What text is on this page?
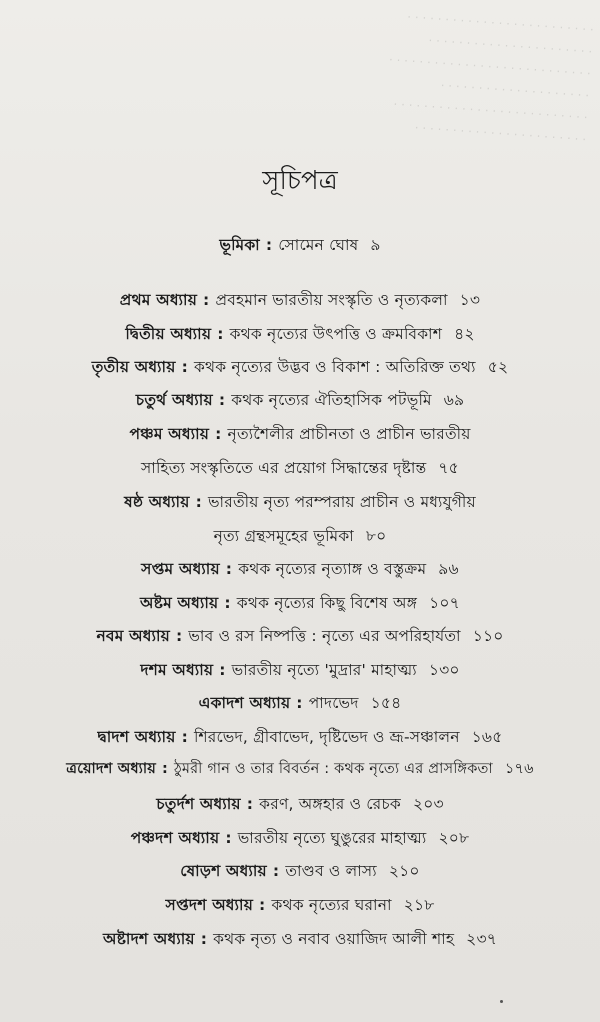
. . . . . . . . . . . . . . . . . . . . . . . . .
. . . . . . . . . . . . . . . . . . . . . .
. . . . . . . . . . . . . . . . . . . . . . . . . . .
. . . . . . . . . . . . . . . . . . . .
. . . . . . . . . . . . . . . . . . . . . . . . . .
. . . . . . . . . . . . . . . . . . . . . . .
সূচিপত্র
ভূমিকা : সোমেন ঘোষ ৯
প্রথম অধ্যায় : প্রবহমান ভারতীয় সংস্কৃতি ও নৃত্যকলা ১৩
দ্বিতীয় অধ্যায় : কথক নৃত্যের উৎপত্তি ও ক্রমবিকাশ ৪২
তৃতীয় অধ্যায় : কথক নৃত্যের উদ্ভব ও বিকাশ : অতিরিক্ত তথ্য ৫২
চতুর্থ অধ্যায় : কথক নৃত্যের ঐতিহাসিক পটভূমি ৬৯
পঞ্চম অধ্যায় : নৃত্যশৈলীর প্রাচীনতা ও প্রাচীন ভারতীয়
সাহিত্য সংস্কৃতিতে এর প্রয়োগ সিদ্ধান্তের দৃষ্টান্ত ৭৫
ষষ্ঠ অধ্যায় : ভারতীয় নৃত্য পরম্পরায় প্রাচীন ও মধ্যযুগীয়
নৃত্য গ্রন্থসমূহের ভূমিকা ৮০
সপ্তম অধ্যায় : কথক নৃত্যের নৃত্যাঙ্গ ও বস্তুক্রম ৯৬
অষ্টম অধ্যায় : কথক নৃত্যের কিছু বিশেষ অঙ্গ ১০৭
নবম অধ্যায় : ভাব ও রস নিষ্পত্তি : নৃত্যে এর অপরিহার্যতা ১১০
দশম অধ্যায় : ভারতীয় নৃত্যে 'মুদ্রার' মাহাত্ম্য ১৩০
একাদশ অধ্যায় : পাদভেদ ১৫৪
দ্বাদশ অধ্যায় : শিরভেদ, গ্রীবাভেদ, দৃষ্টিভেদ ও ভ্রূ-সঞ্চালন ১৬৫
ত্রয়োদশ অধ্যায় : ঠুমরী গান ও তার বিবর্তন : কথক নৃত্যে এর প্রাসঙ্গিকতা ১৭৬
চতুর্দশ অধ্যায় : করণ, অঙ্গহার ও রেচক ২০৩
পঞ্চদশ অধ্যায় : ভারতীয় নৃত্যে ঘুঙুরের মাহাত্ম্য ২০৮
ষোড়শ অধ্যায় : তাণ্ডব ও লাস্য ২১০
সপ্তদশ অধ্যায় : কথক নৃত্যের ঘরানা ২১৮
অষ্টাদশ অধ্যায় : কথক নৃত্য ও নবাব ওয়াজিদ আলী শাহ ২৩৭
